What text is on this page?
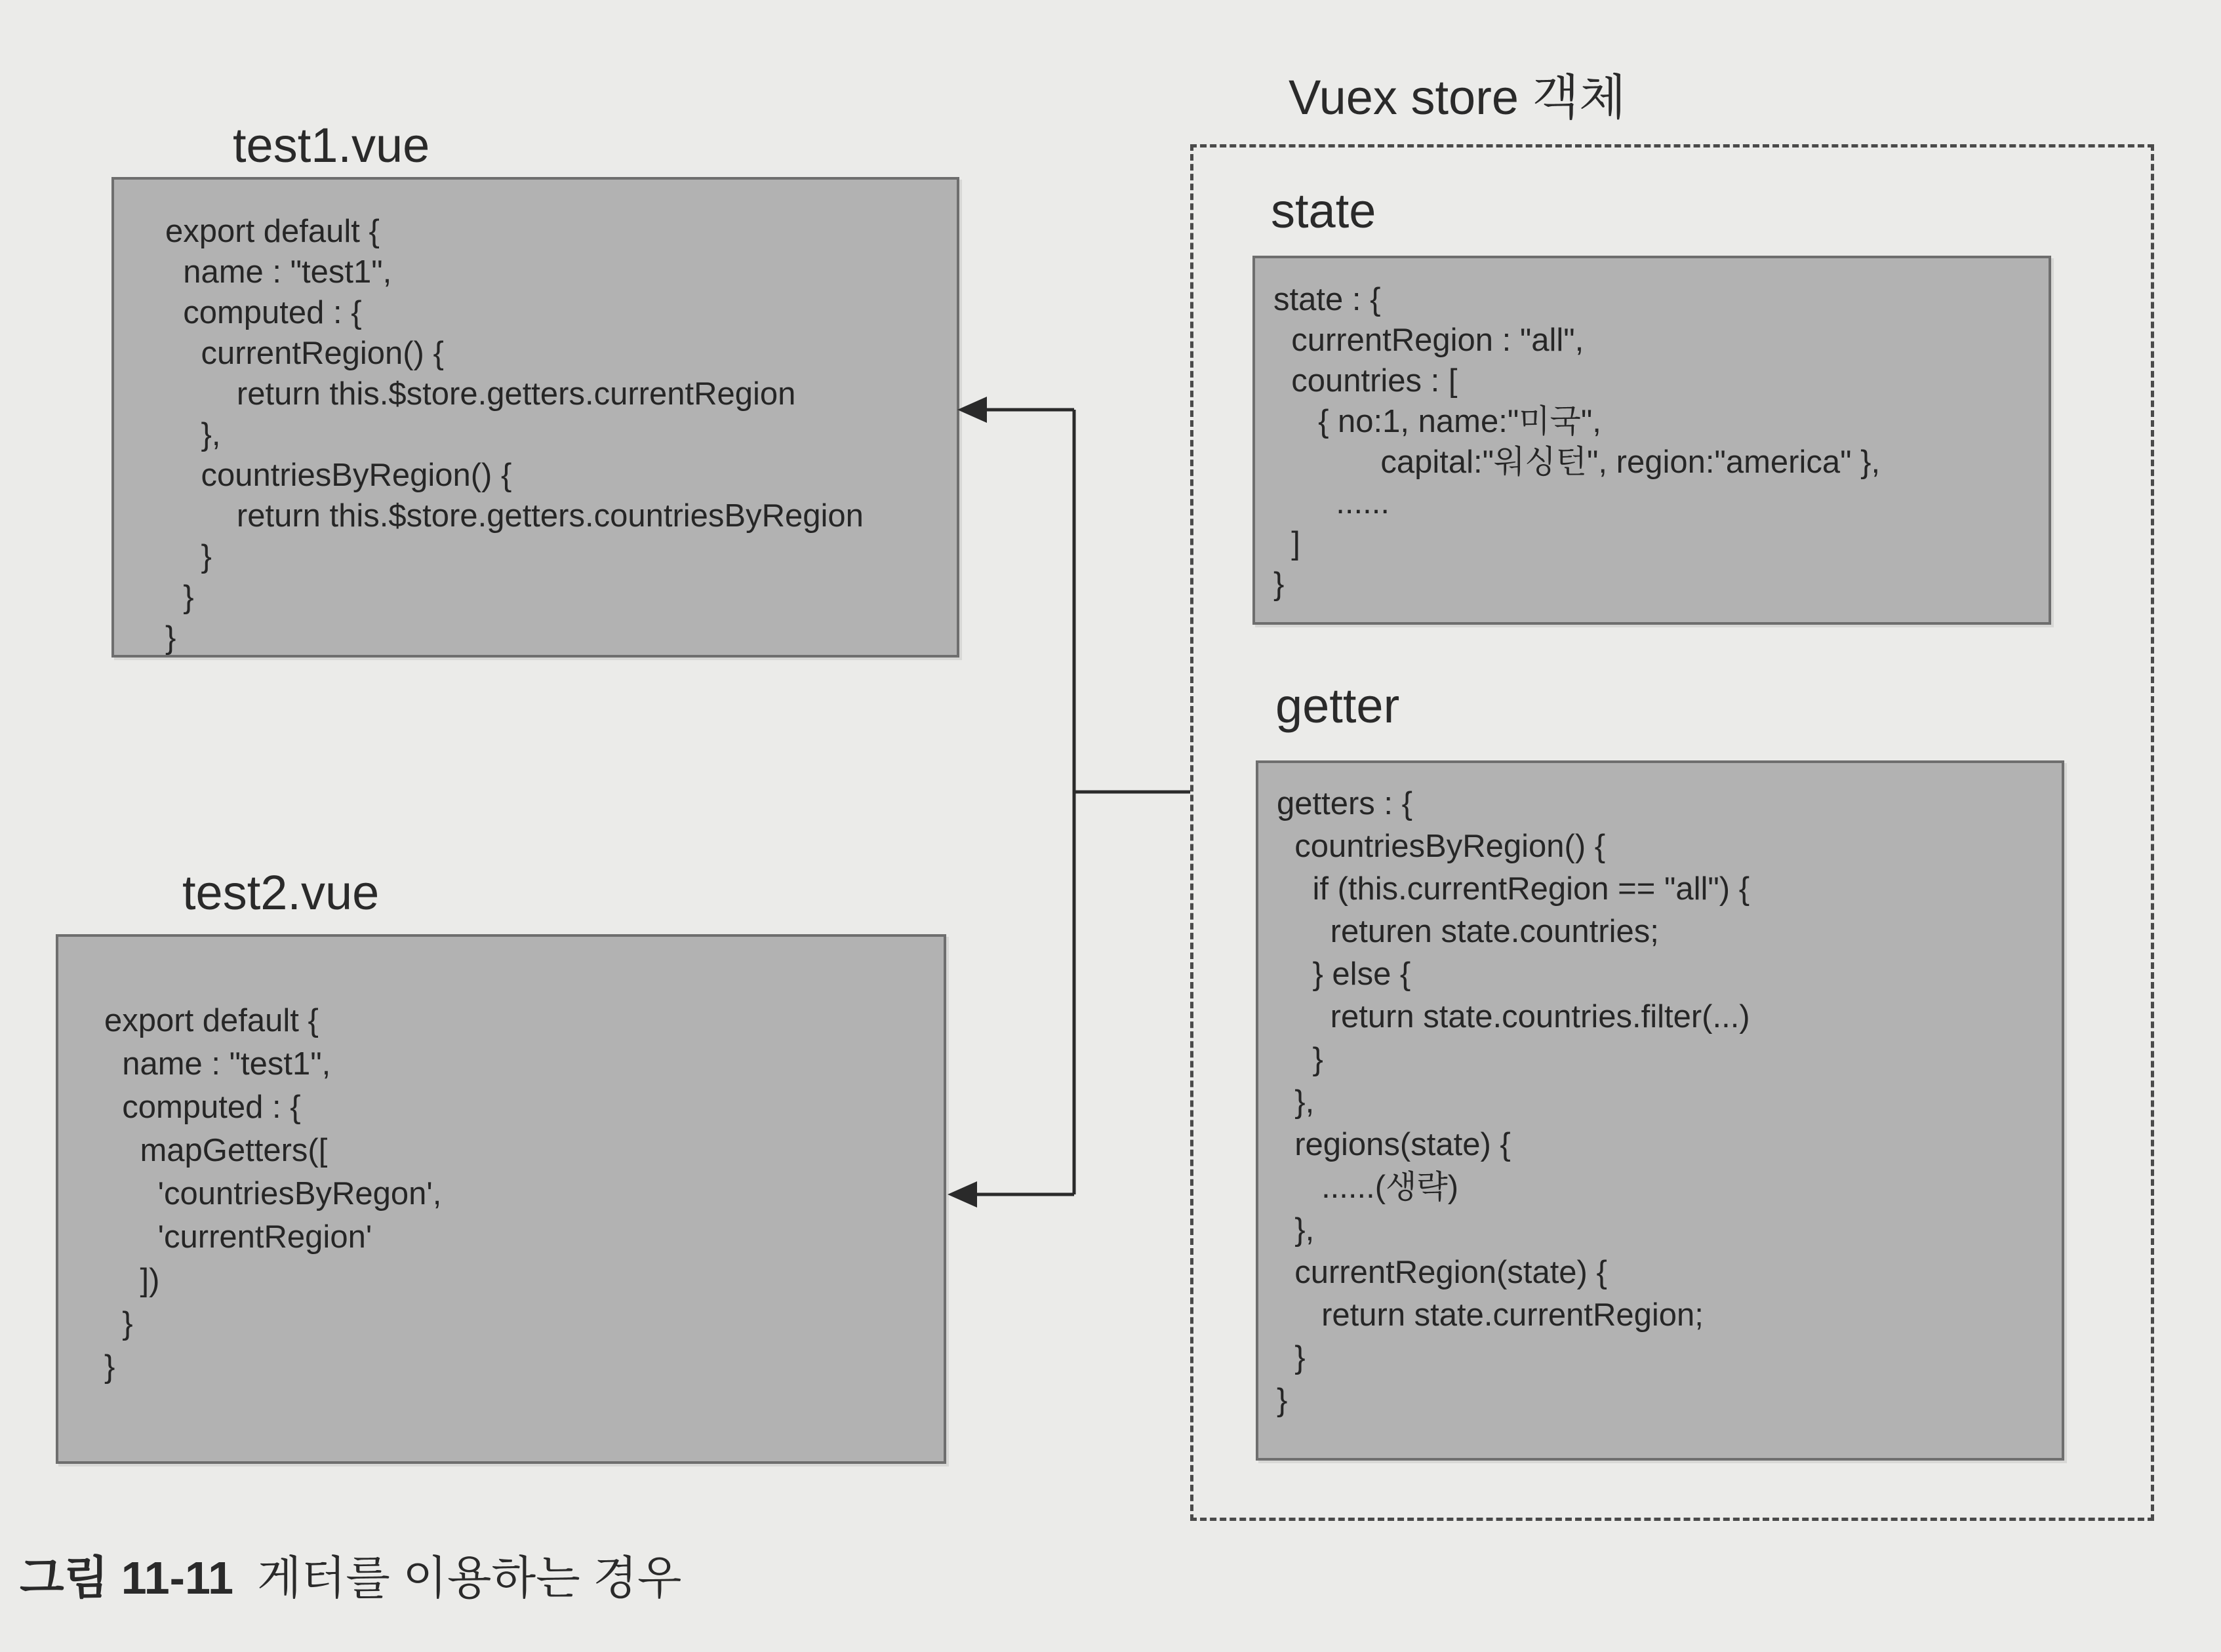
Vuex store 객체
test1.vue
export default {
name : "test1",
computed : {
currentRegion() {
return this.$store.getters.currentRegion
},
countriesByRegion() {
return this.$store.getters.countriesByRegion
}
}
}
test2.vue
export default {
name : "test1",
computed : {
mapGetters([
'countriesByRegon',
'currentRegion'
])
}
}
state
state : {
currentRegion : "all",
countries : [
{ no:1, name:"미국",
capital:"워싱턴", region:"america" },
......
]
}
getter
getters : {
countriesByRegion() {
if (this.currentRegion == "all") {
returen state.countries;
} else {
return state.countries.filter(...)
}
},
regions(state) {
......(생략)
},
currentRegion(state) {
return state.currentRegion;
}
}
그림 11-11 게터를 이용하는 경우
